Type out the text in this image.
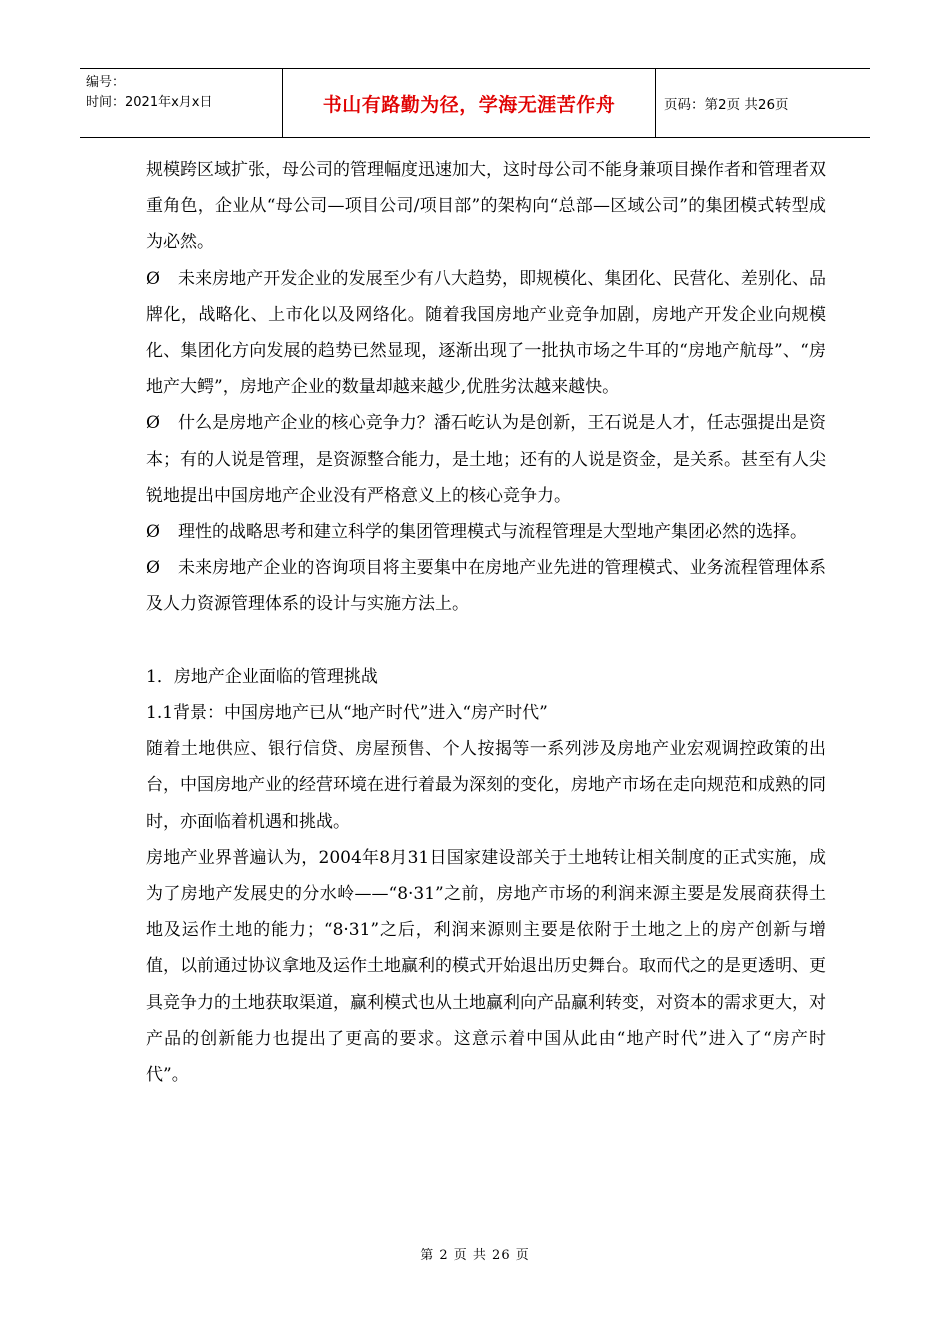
编号：
时间：2021年x月x日	书山有路勤为径，学海无涯苦作舟	页码：第2页 共26页

规模跨区域扩张，母公司的管理幅度迅速加大，这时母公司不能身兼项目操作者和管理者双重角色，企业从“母公司—项目公司/项目部”的架构向“总部—区域公司”的集团模式转型成为必然。

Ø 未来房地产开发企业的发展至少有八大趋势，即规模化、集团化、民营化、差别化、品牌化，战略化、上市化以及网络化。随着我国房地产业竞争加剧，房地产开发企业向规模化、集团化方向发展的趋势已然显现，逐渐出现了一批执市场之牛耳的“房地产航母”、“房地产大鳄”，房地产企业的数量却越来越少,优胜劣汰越来越快。

Ø 什么是房地产企业的核心竞争力？潘石屹认为是创新，王石说是人才，任志强提出是资本；有的人说是管理，是资源整合能力，是土地；还有的人说是资金，是关系。甚至有人尖锐地提出中国房地产企业没有严格意义上的核心竞争力。

Ø 理性的战略思考和建立科学的集团管理模式与流程管理是大型地产集团必然的选择。

Ø 未来房地产企业的咨询项目将主要集中在房地产业先进的管理模式、业务流程管理体系及人力资源管理体系的设计与实施方法上。

1．房地产企业面临的管理挑战

1.1背景：中国房地产已从“地产时代”进入“房产时代”

随着土地供应、银行信贷、房屋预售、个人按揭等一系列涉及房地产业宏观调控政策的出台，中国房地产业的经营环境在进行着最为深刻的变化，房地产市场在走向规范和成熟的同时，亦面临着机遇和挑战。

房地产业界普遍认为，2004年8月31日国家建设部关于土地转让相关制度的正式实施，成为了房地产发展史的分水岭——“8·31”之前，房地产市场的利润来源主要是发展商获得土地及运作土地的能力；“8·31”之后，利润来源则主要是依附于土地之上的房产创新与增值，以前通过协议拿地及运作土地赢利的模式开始退出历史舞台。取而代之的是更透明、更具竞争力的土地获取渠道，赢利模式也从土地赢利向产品赢利转变，对资本的需求更大，对产品的创新能力也提出了更高的要求。这意示着中国从此由“地产时代”进入了“房产时代”。

第 2 页 共 26 页
